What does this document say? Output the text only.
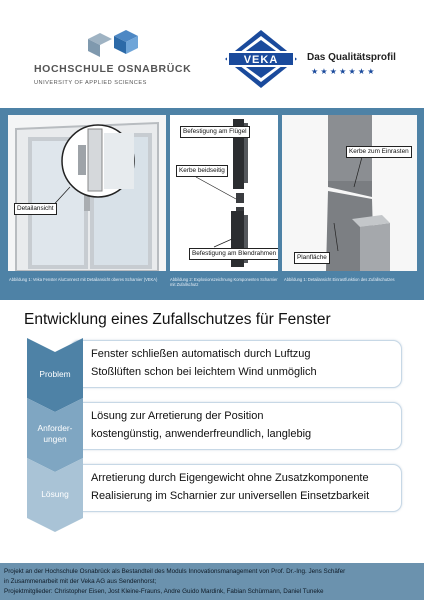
HOCHSCHULE OSNABRÜCK
UNIVERSITY OF APPLIED SCIENCES
VEKA	Das Qualitätsprofil
★★★★★★★
Detailansicht
Befestigung am Flügel
Kerbe beidseitig
Befestigung am Blendrahmen
Kerbe zum Einrasten
Planfläche
Abbildung 1: Veka Fenster AluConnect mit Detailansicht oberes Scharnier (VEKA)	Abbildung 2: Explosionszeichnung Komponenten Scharnier mit Zufallschutz
Abbildung 1: Detailansicht Einrastfunktion des Zufallschutzes
Entwicklung eines Zufallschutzes für Fenster
• Fenster schließen automatisch durch Luftzug
• Stoßlüften schon bei leichtem Wind unmöglich
Problem
• Lösung zur Arretierung der Position
• kostengünstig, anwenderfreundlich, langlebig
Anforder-
ungen
• Arretierung durch Eigengewicht ohne Zusatzkomponente
• Realisierung im Scharnier zur universellen Einsetzbarkeit
Lösung

Projekt an der Hochschule Osnabrück als Bestandteil des Moduls Innovationsmanagement von Prof. Dr.-Ing. Jens Schäfer

in Zusammenarbeit mit der Veka AG aus Sendenhorst;

Projektmitglieder: Christopher Eisen, Jost Kleine-Frauns, Andre Guido Mardink, Fabian Schürmann, Daniel Tuneke
